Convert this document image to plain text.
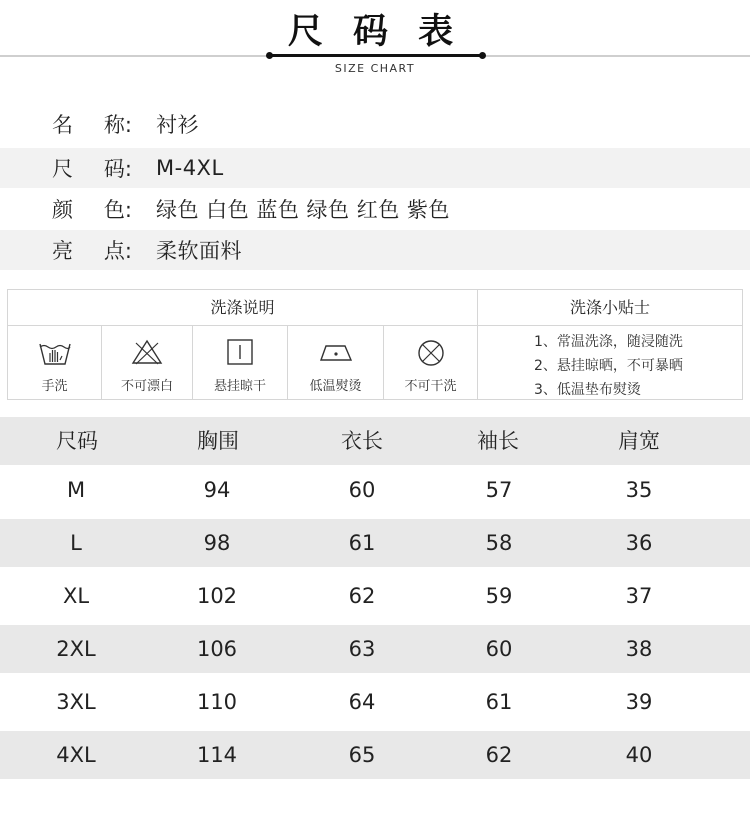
尺 码 表
SIZE CHART
名 称: 衬衫
尺 码: M-4XL
颜 色: 绿色 白色 蓝色 绿色 红色 紫色
亮 点: 柔软面料
洗涤说明	洗涤小贴士
手洗	不可漂白	悬挂晾干	低温熨烫	不可干洗
1、常温洗涤，随浸随洗
2、悬挂晾晒，不可暴晒
3、低温垫布熨烫
尺码	胸围	衣长	袖长	肩宽
M	94	60	57	35
L	98	61	58	36
XL	102	62	59	37
2XL	106	63	60	38
3XL	110	64	61	39
4XL	114	65	62	40
